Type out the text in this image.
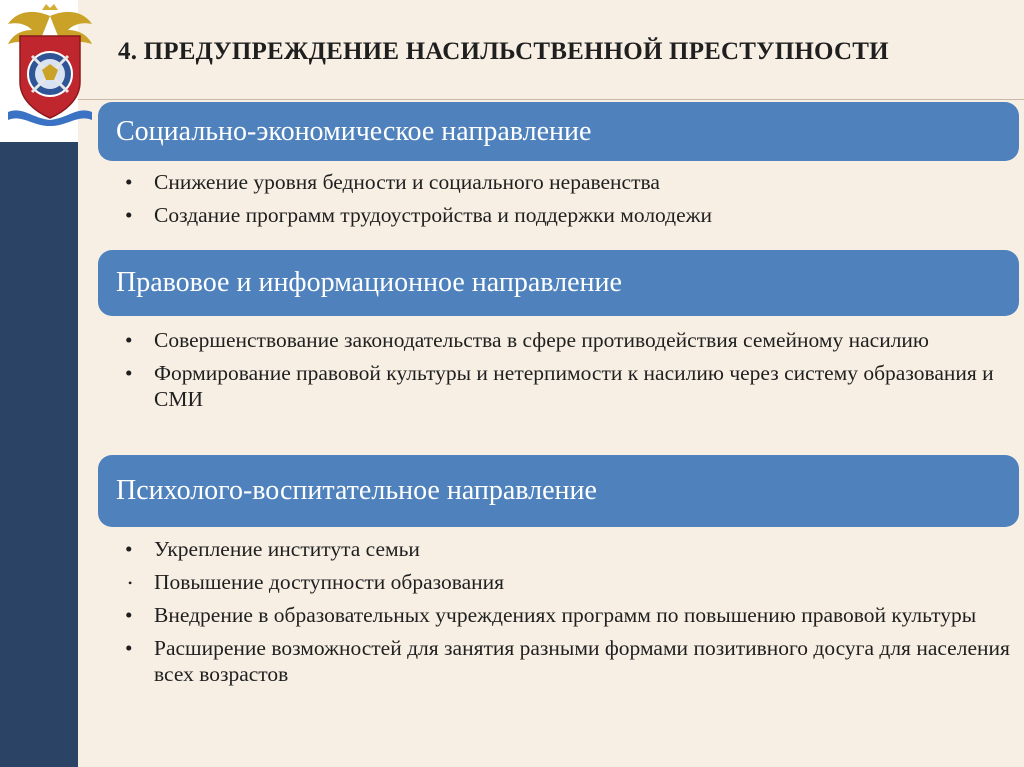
4. ПРЕДУПРЕЖДЕНИЕ НАСИЛЬСТВЕННОЙ ПРЕСТУПНОСТИ
Социально-экономическое направление
• Снижение уровня бедности и социального неравенства
• Создание программ трудоустройства и поддержки молодежи
Правовое и информационное направление
• Совершенствование законодательства в сфере противодействия семейному насилию
• Формирование правовой культуры и нетерпимости к насилию через систему образования и СМИ
Психолого-воспитательное направление
• Укрепление института семьи
• Повышение доступности образования
• Внедрение в образовательных учреждениях программ по повышению правовой культуры
• Расширение возможностей для занятия разными формами позитивного досуга для населения всех возрастов
